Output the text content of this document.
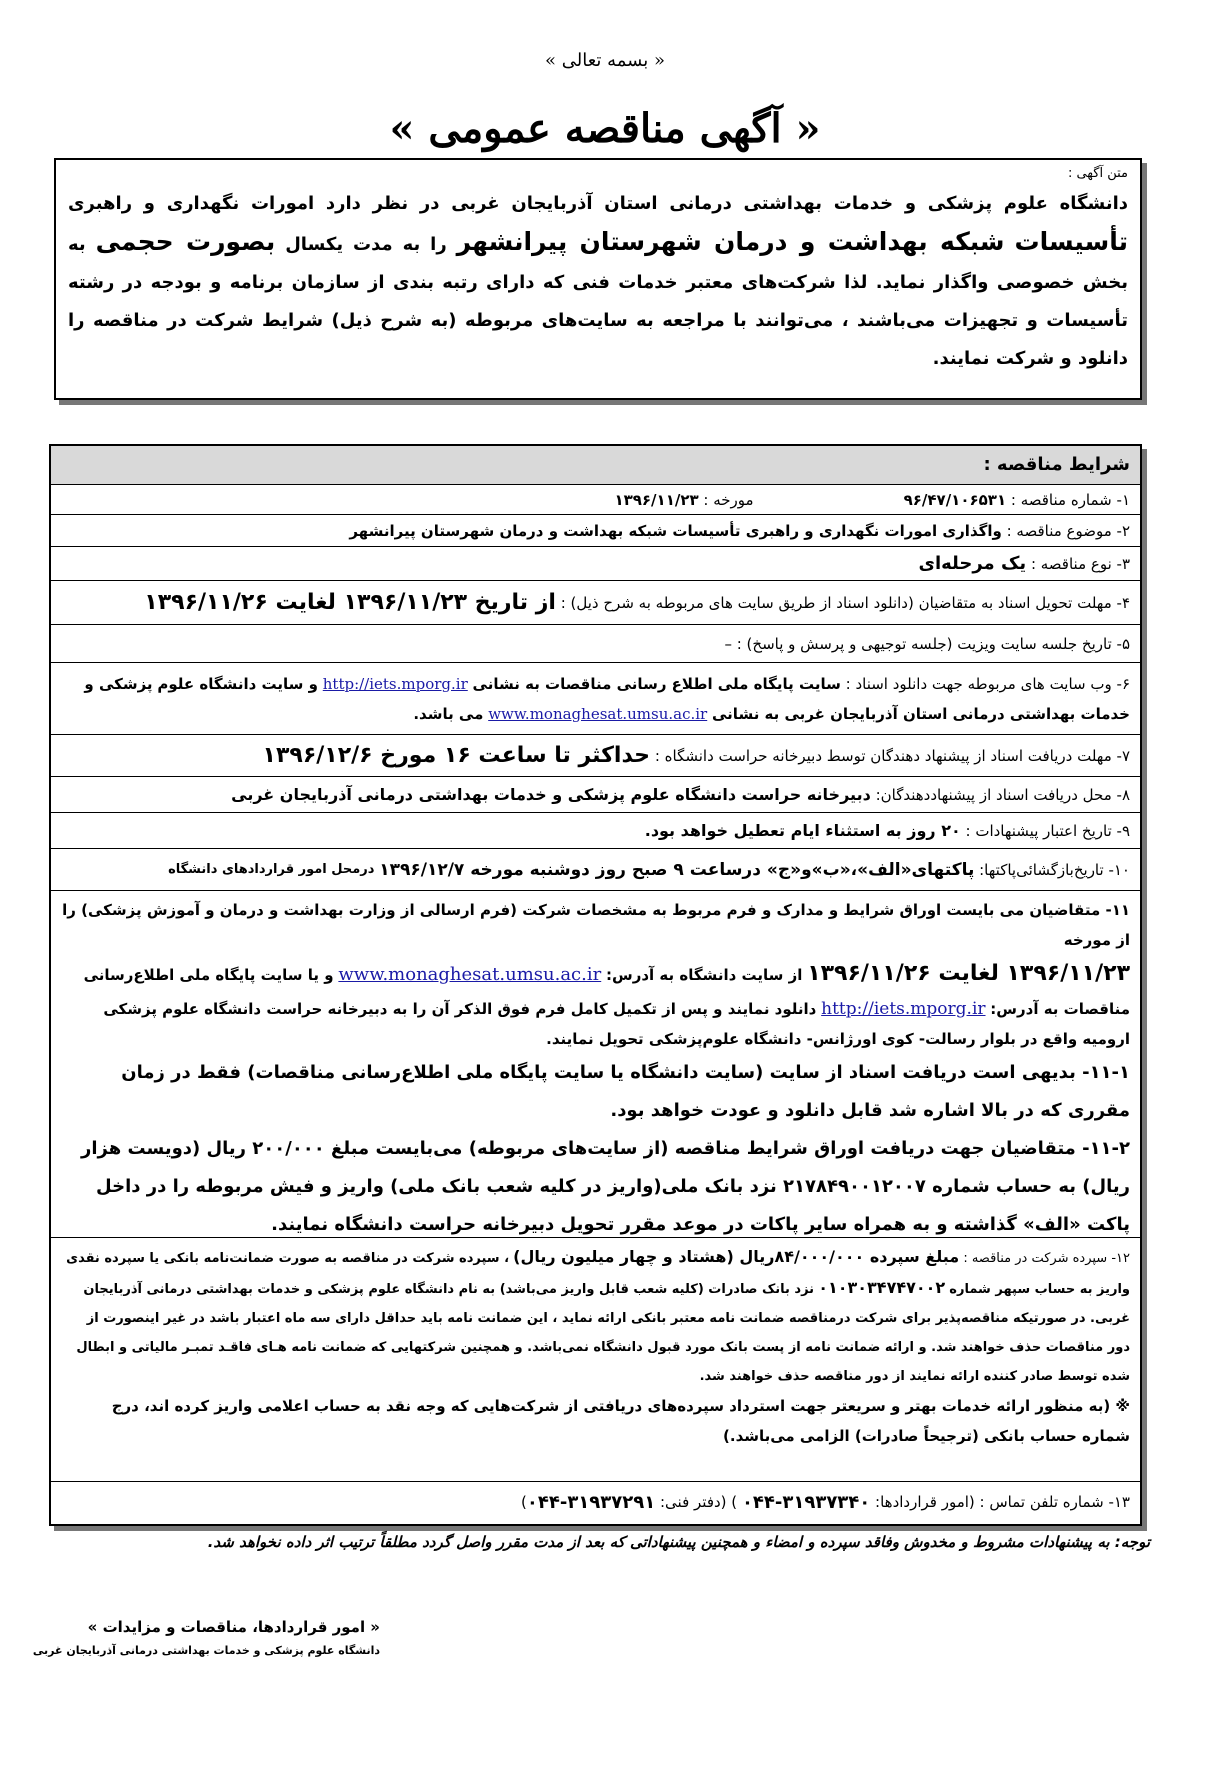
« بسمه تعالی »
« آگهی مناقصه عمومی »
متن آگهی :
دانشگاه علوم پزشکی و خدمات بهداشتی درمانی استان آذربایجان غربی در نظر دارد امورات نگهداری و راهبری تأسیسات شبکه بهداشت و درمان شهرستان پیرانشهر را به مدت یکسال بصورت حجمی به بخش خصوصی واگذار نماید. لذا شرکت‌های معتبر خدمات فنی که دارای رتبه بندی از سازمان برنامه و بودجه در رشته تأسیسات و تجهیزات می‌باشند ، می‌توانند با مراجعه به سایت‌های مربوطه (به شرح ذیل) شرایط شرکت در مناقصه را دانلود و شرکت نمایند.
شرایط مناقصه :
۱- شماره مناقصه :

۹۶/۴۷/۱۰۶۵۳۱
مورخه :

۱۳۹۶/۱۱/۲۳
۲- موضوع مناقصه :

واگذاری امورات نگهداری و راهبری تأسیسات شبکه بهداشت و درمان شهرستان پیرانشهر
۳- نوع مناقصه :

یک مرحله‌ای
۴- مهلت تحویل اسناد به متقاضیان (دانلود اسناد از طریق سایت های مربوطه به شرح ذیل) :

از تاریخ ۱۳۹۶/۱۱/۲۳ لغایت ۱۳۹۶/۱۱/۲۶
۵- تاریخ جلسه سایت ویزیت (جلسه توجیهی و پرسش و پاسخ) : –
۶- وب سایت های مربوطه جهت دانلود اسناد : سایت پایگاه ملی اطلاع رسانی مناقصات به نشانی http://iets.mporg.ir و سایت دانشگاه علوم پزشکی و خدمات بهداشتی درمانی استان آذربایجان غربی به نشانی www.monaghesat.umsu.ac.ir می باشد.
۷- مهلت دریافت اسناد از پیشنهاد دهندگان توسط دبیرخانه حراست دانشگاه :

حداکثر تا ساعت ۱۶ مورخ ۱۳۹۶/۱۲/۶
۸- محل دریافت اسناد از پیشنهاددهندگان:

دبیرخانه حراست دانشگاه علوم پزشکی و خدمات بهداشتی درمانی آذربایجان غربی
۹- تاریخ اعتبار پیشنهادات :

۲۰ روز به استثناء ایام تعطیل خواهد بود.
۱۰- تاریخ‌بازگشائی‌پاکتها:

پاکتهای«الف»،«ب»و«ج» درساعت ۹ صبح روز دوشنبه مورخه ۱۳۹۶/۱۲/۷

درمحل امور قراردادهای دانشگاه
۱۱- متقاضیان می بایست اوراق شرایط و مدارک و فرم مربوط به مشخصات شرکت (فرم ارسالی از وزارت بهداشت و درمان و آموزش پزشکی) را از مورخه
۱۳۹۶/۱۱/۲۳ لغایت ۱۳۹۶/۱۱/۲۶ از سایت دانشگاه به آدرس: www.monaghesat.umsu.ac.ir و یا سایت پایگاه ملی اطلاع‌رسانی
مناقصات به آدرس: http://iets.mporg.ir دانلود نمایند و پس از تکمیل کامل فرم فوق الذکر آن را به دبیرخانه حراست دانشگاه علوم پزشکی
ارومیه واقع در بلوار رسالت- کوی اورژانس- دانشگاه علوم‌پزشکی تحویل نمایند.
۱۱-۱- بدیهی است دریافت اسناد از سایت (سایت دانشگاه یا سایت پایگاه ملی اطلاع‌رسانی مناقصات) فقط در زمان مقرری که در بالا اشاره شد قابل دانلود و عودت خواهد بود.
۱۱-۲- متقاضیان جهت دریافت اوراق شرایط مناقصه (از سایت‌های مربوطه) می‌بایست مبلغ ۲۰۰/۰۰۰ ریال (دویست هزار ریال) به حساب شماره ۲۱۷۸۴۹۰۰۱۲۰۰۷ نزد بانک ملی(واریز در کلیه شعب بانک ملی) واریز و فیش مربوطه را در داخل پاکت «الف» گذاشته و به همراه سایر پاکات در موعد مقرر تحویل دبیرخانه حراست دانشگاه نمایند.
۱۲- سپرده شرکت در مناقصه : مبلغ سپرده ۸۴/۰۰۰/۰۰۰ریال (هشتاد و چهار میلیون ریال) ، سپرده شرکت در مناقصه به صورت ضمانت‌نامه بانکی یا سپرده نقدی واریز به حساب سپهر شماره ۰۱۰۳۰۳۴۷۴۷۰۰۲ نزد بانک صادرات (کلیه شعب قابل واریز می‌باشد) به نام دانشگاه علوم پزشکی و خدمات بهداشتی درمانی آذربایجان غربی. در صورتیکه مناقصه‌پذیر برای شرکت درمناقصه ضمانت نامه معتبر بانکی ارائه نماید ، این ضمانت نامه باید حداقل دارای سه ماه اعتبار باشد در غیر اینصورت از دور مناقصات حذف خواهند شد. و ارائه ضمانت نامه از پست بانک مورد قبول دانشگاه نمی‌باشد. و همچنین شرکتهایی که ضمانت نامه هـای فاقـد تمبـر مالیاتی و ابطال شده توسط صادر کننده ارائه نمایند از دور مناقصه حذف خواهند شد.
※ (به منظور ارائه خدمات بهتر و سریعتر جهت استرداد سپرده‌های دریافتی از شرکت‌هایی که وجه نقد به حساب اعلامی واریز کرده اند، درج شماره حساب بانکی (ترجیحاً صادرات) الزامی می‌باشد.)
۱۳- شماره تلفن تماس : (امور قراردادها:

۰۴۴-۳۱۹۳۷۳۴۰

) (دفتر فنی:

۰۴۴-۳۱۹۳۷۲۹۱
)
توجه: به پیشنهادات مشروط و مخدوش وفاقد سپرده و امضاء و همچنین پیشنهاداتی که بعد از مدت مقرر واصل گردد مطلقاً ترتیب اثر داده نخواهد شد.
« امور قراردادها، مناقصات و مزایدات »
دانشگاه علوم پزشکی و خدمات بهداشتی درمانی آذربایجان غربی
